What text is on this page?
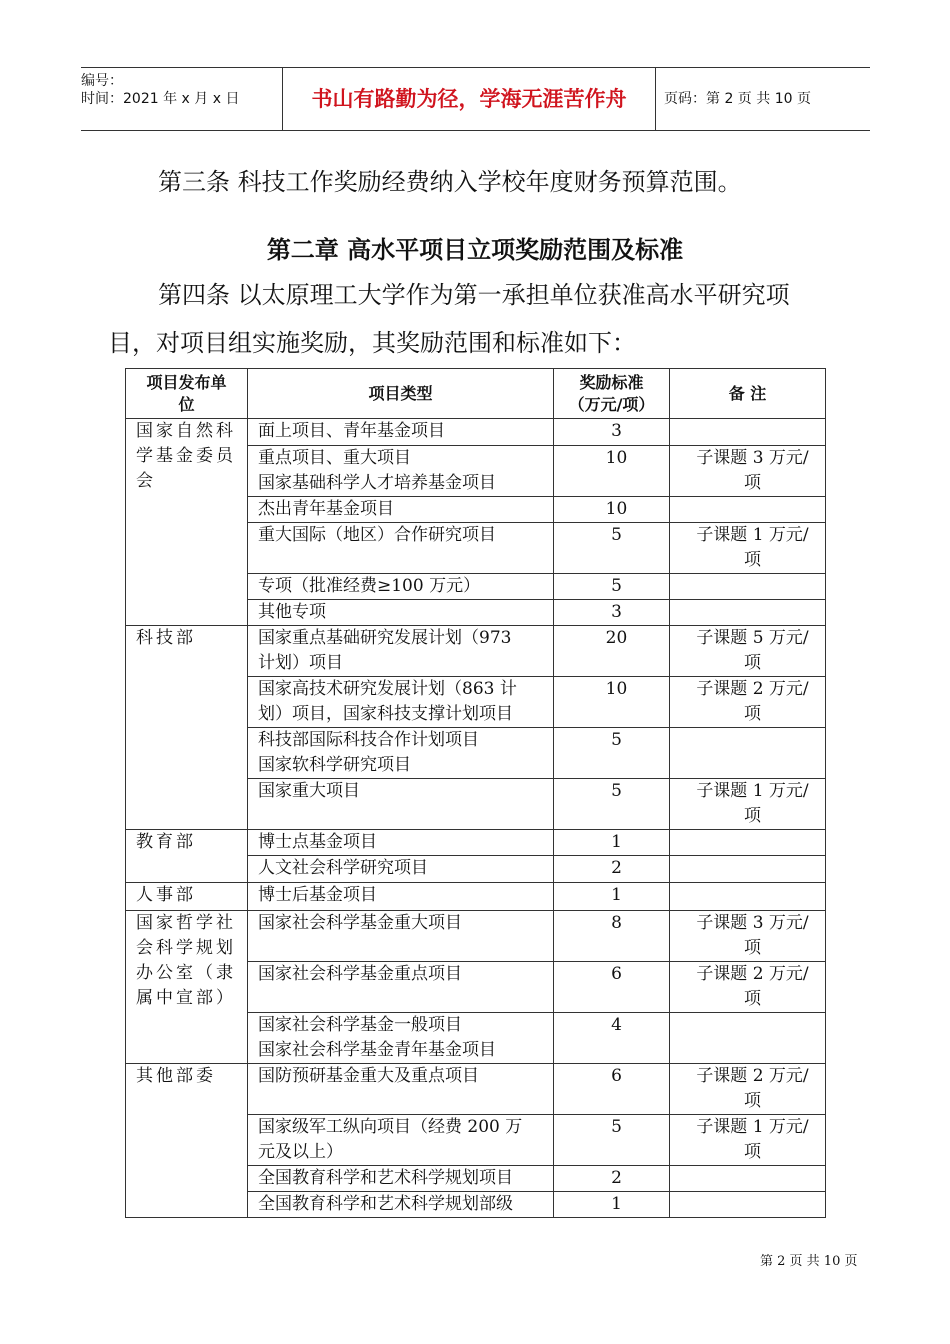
编号：
时间：2021 年 x 月 x 日	书山有路勤为径，学海无涯苦作舟	页码：第 2 页 共 10 页
第三条 科技工作奖励经费纳入学校年度财务预算范围。
第二章 高水平项目立项奖励范围及标准
第四条 以太原理工大学作为第一承担单位获准高水平研究项
目，对项目组实施奖励，其奖励范围和标准如下：
项目发布单
位	项目类型	奖励标准
（万元/项）	备 注
国家自然科学基金委员会	面上项目、青年基金项目	3	

	重点项目、重大项目
国家基础科学人才培养基金项目	10	子课题 3 万元/
项

	杰出青年基金项目	10	
	重大国际（地区）合作研究项目	5	子课题 1 万元/
项

	专项（批准经费≥100 万元）	5	
	其他专项	3	
科技部	国家重点基础研究发展计划（973
计划）项目	20	子课题 5 万元/
项

	国家高技术研究发展计划（863 计
划）项目，国家科技支撑计划项目	10	子课题 2 万元/
项

	科技部国际科技合作计划项目
国家软科学研究项目	5	
	国家重大项目	5	子课题 1 万元/
项

教育部	博士点基金项目	1	
	人文社会科学研究项目	2	
人事部	博士后基金项目	1	
国家哲学社会科学规划办公室（隶属中宣部）	国家社会科学基金重大项目	8	子课题 3 万元/
项

	国家社会科学基金重点项目	6	子课题 2 万元/
项

	国家社会科学基金一般项目
国家社会科学基金青年基金项目	4	
其他部委	国防预研基金重大及重点项目	6	子课题 2 万元/
项

	国家级军工纵向项目（经费 200 万
元及以上）	5	子课题 1 万元/
项

	全国教育科学和艺术科学规划项目	2	
	全国教育科学和艺术科学规划部级	1	
第 2 页 共 10 页
